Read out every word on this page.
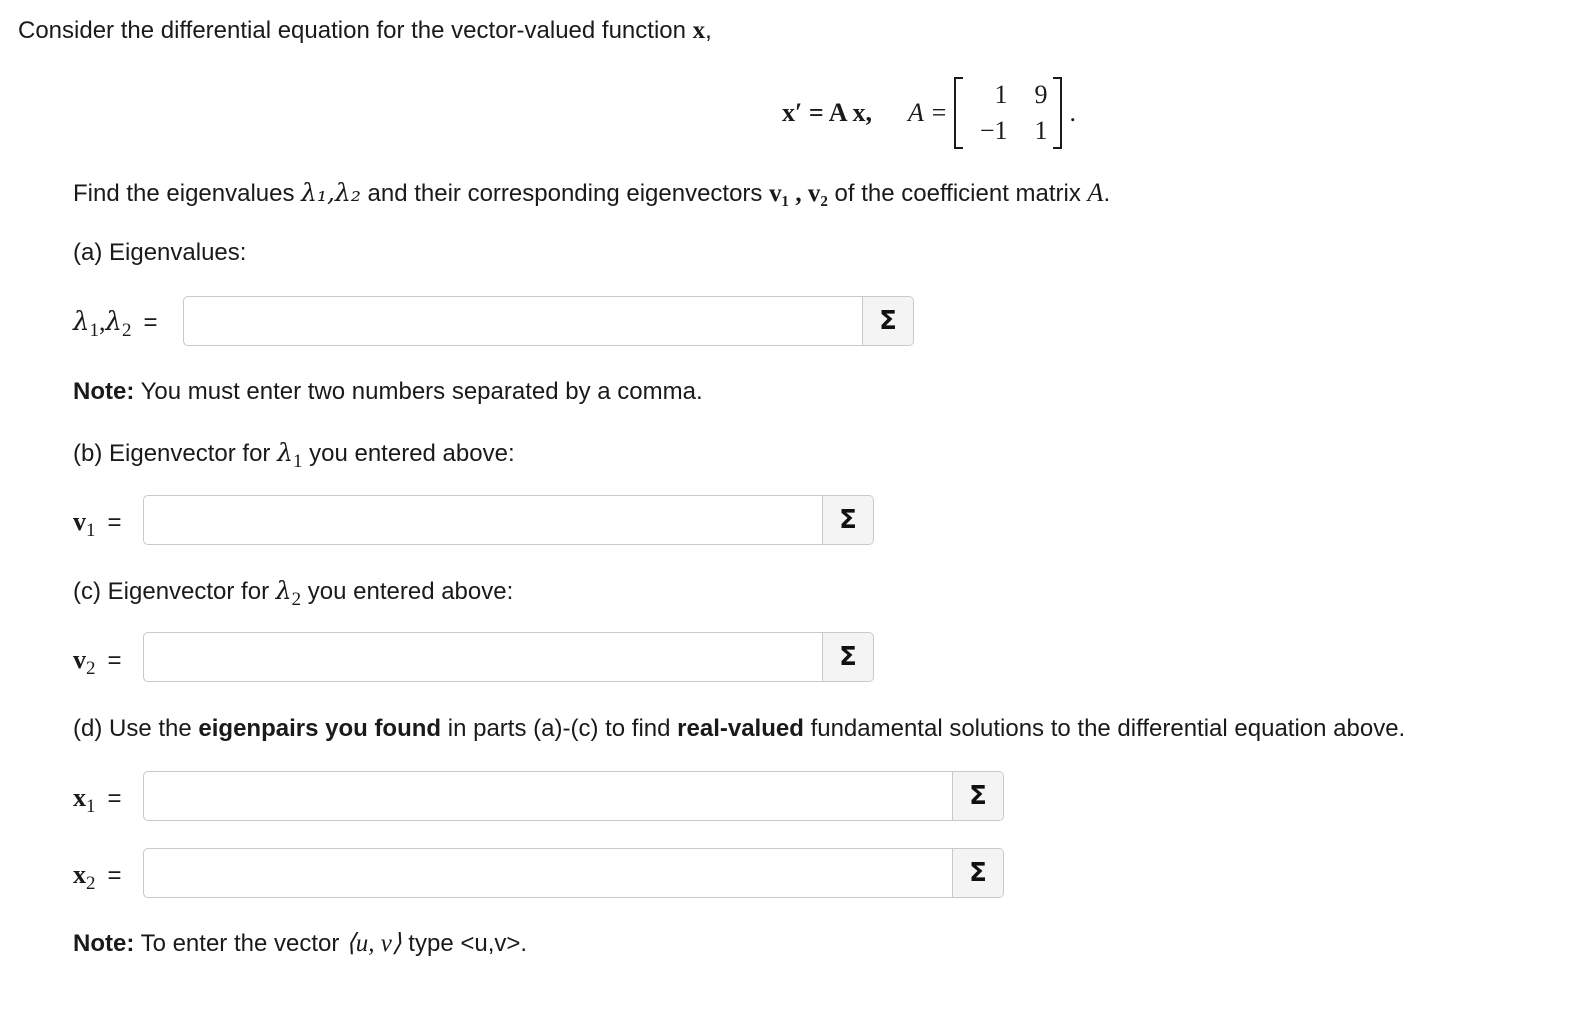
Consider the differential equation for the vector-valued function x,
x′ = A x, A =
1	9
−1	1
.
Find the eigenvalues λ₁,λ₂ and their corresponding eigenvectors v₁ , v₂ of the coefficient matrix A.
(a) Eigenvalues:
$\lambda_1,\lambda_2$ =	Σ
Note: You must enter two numbers separated by a comma.
(b) Eigenvector for $\lambda_1$ you entered above:
$v_1$ =	Σ
(c) Eigenvector for $\lambda_2$ you entered above:
$v_2$ =	Σ
(d) Use the eigenpairs you found in parts (a)-(c) to find real-valued fundamental solutions to the differential equation above.
$x_1$ =	Σ
$x_2$ =	Σ
Note: To enter the vector ⟨u, v⟩ type <u,v>.
